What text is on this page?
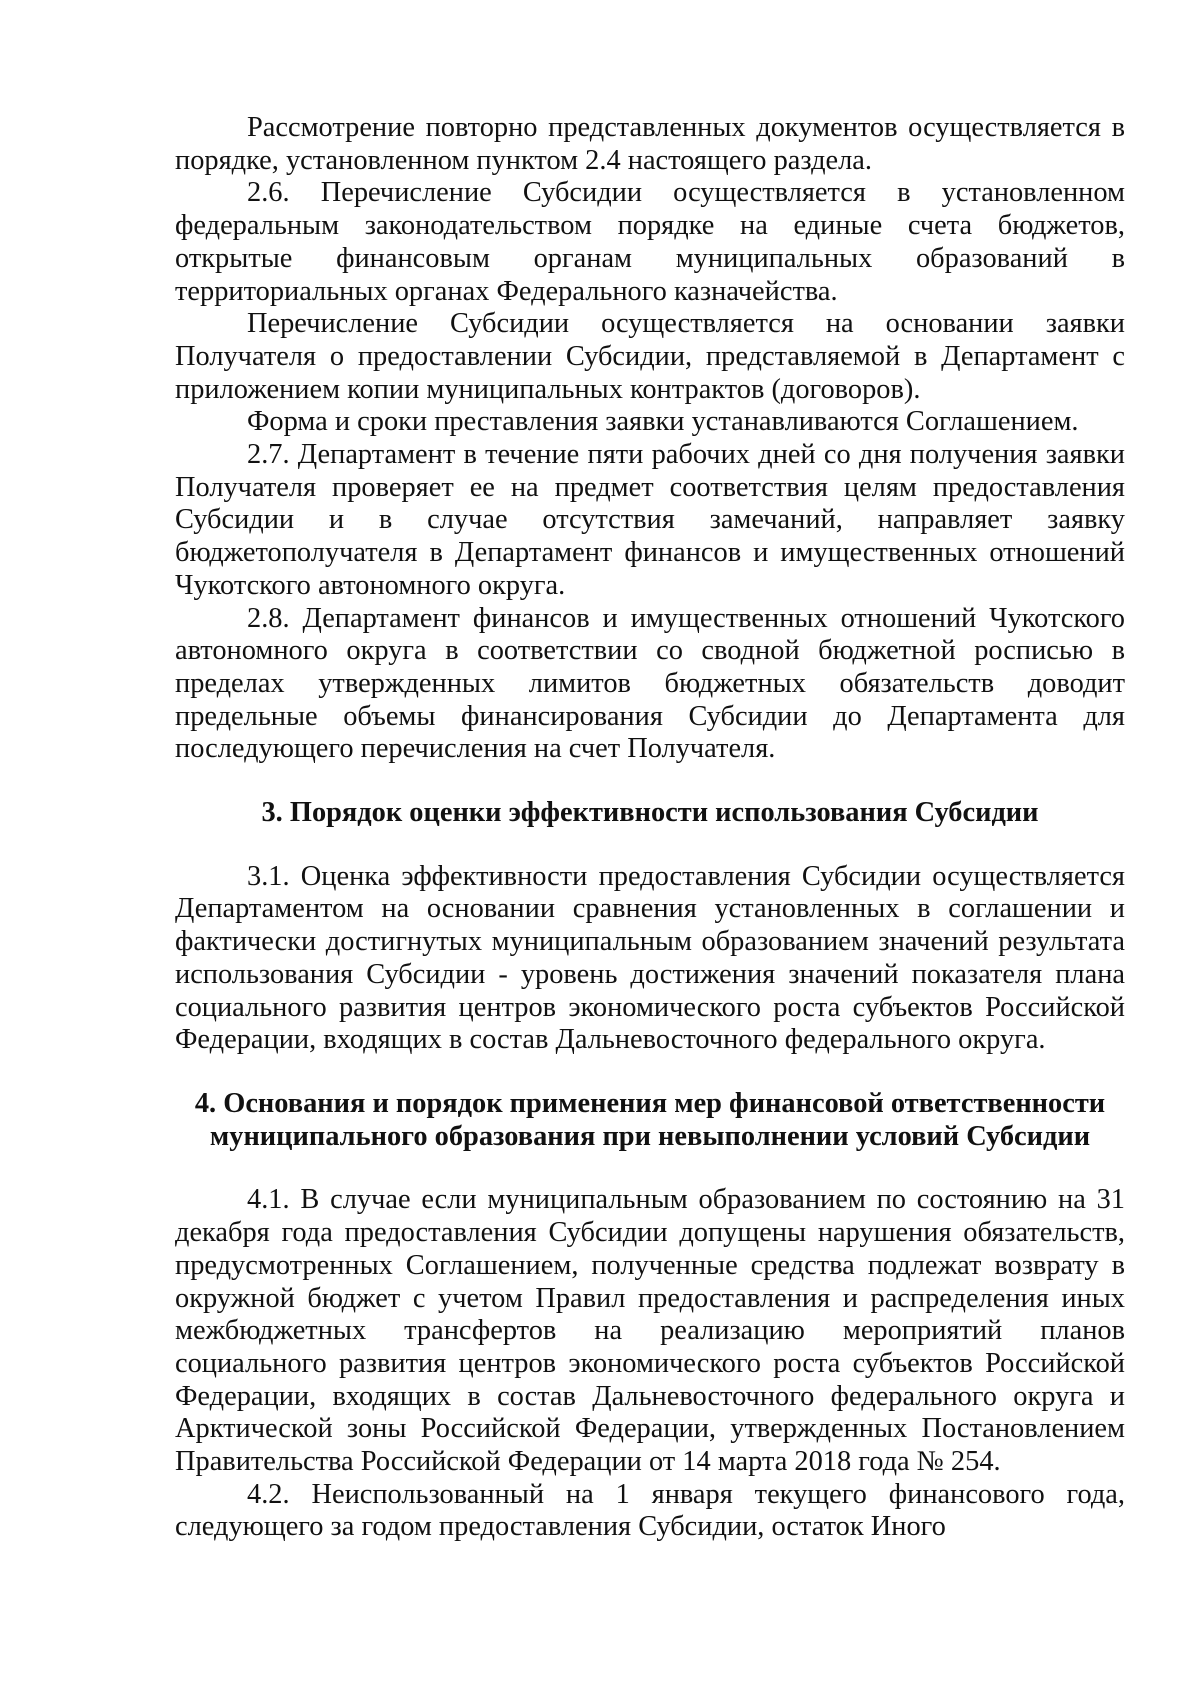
Рассмотрение повторно представленных документов осуществляется в порядке, установленном пунктом 2.4 настоящего раздела.

2.6. Перечисление Субсидии осуществляется в установленном федеральным законодательством порядке на единые счета бюджетов, открытые финансовым органам муниципальных образований в территориальных органах Федерального казначейства.

Перечисление Субсидии осуществляется на основании заявки Получателя о предоставлении Субсидии, представляемой в Департамент с приложением копии муниципальных контрактов (договоров).

Форма и сроки преставления заявки устанавливаются Соглашением.

2.7. Департамент в течение пяти рабочих дней со дня получения заявки Получателя проверяет ее на предмет соответствия целям предоставления Субсидии и в случае отсутствия замечаний, направляет заявку бюджетополучателя в Департамент финансов и имущественных отношений Чукотского автономного округа.

2.8. Департамент финансов и имущественных отношений Чукотского автономного округа в соответствии со сводной бюджетной росписью в пределах утвержденных лимитов бюджетных обязательств доводит предельные объемы финансирования Субсидии до Департамента для последующего перечисления на счет Получателя.

3. Порядок оценки эффективности использования Субсидии

3.1. Оценка эффективности предоставления Субсидии осуществляется Департаментом на основании сравнения установленных в соглашении и фактически достигнутых муниципальным образованием значений результата использования Субсидии - уровень достижения значений показателя плана социального развития центров экономического роста субъектов Российской Федерации, входящих в состав Дальневосточного федерального округа.

4. Основания и порядок применения мер финансовой ответственности
муниципального образования при невыполнении условий Субсидии

4.1. В случае если муниципальным образованием по состоянию на 31 декабря года предоставления Субсидии допущены нарушения обязательств, предусмотренных Соглашением, полученные средства подлежат возврату в окружной бюджет с учетом Правил предоставления и распределения иных межбюджетных трансфертов на реализацию мероприятий планов социального развития центров экономического роста субъектов Российской Федерации, входящих в состав Дальневосточного федерального округа и Арктической зоны Российской Федерации, утвержденных Постановлением Правительства Российской Федерации от 14 марта 2018 года № 254.

4.2. Неиспользованный на 1 января текущего финансового года, следующего за годом предоставления Субсидии, остаток Иного
